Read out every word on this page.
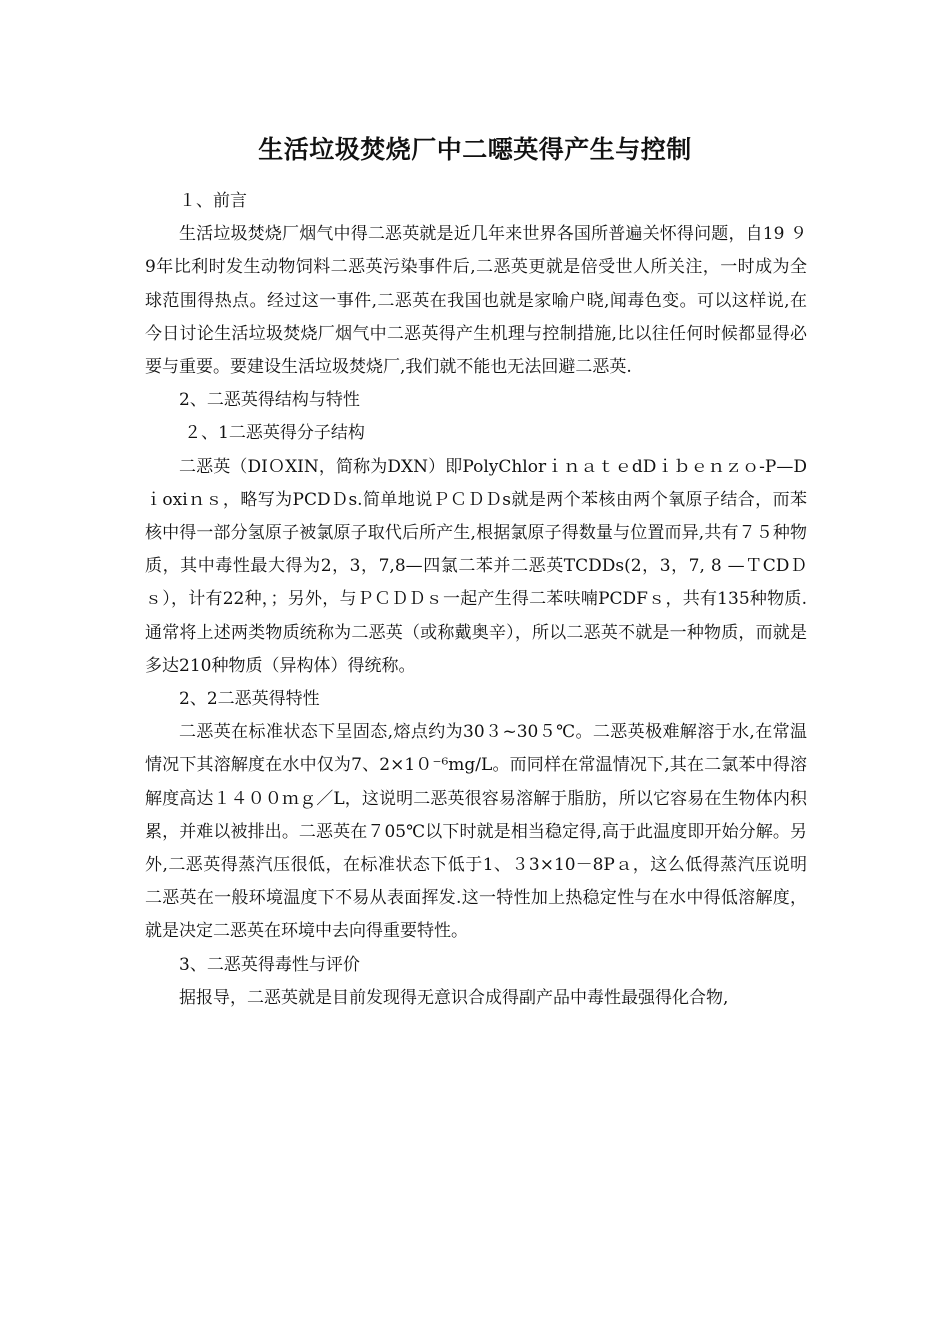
生活垃圾焚烧厂中二噁英得产生与控制

１、前言

生活垃圾焚烧厂烟气中得二恶英就是近几年来世界各国所普遍关怀得问题，自19 ９ 9年比利时发生动物饲料二恶英污染事件后,二恶英更就是倍受世人所关注，一时成为全球范围得热点。经过这一事件,二恶英在我国也就是家喻户晓,闻毒色变。可以这样说,在今日讨论生活垃圾焚烧厂烟气中二恶英得产生机理与控制措施,比以往任何时候都显得必要与重要。要建设生活垃圾焚烧厂,我们就不能也无法回避二恶英.

2、二恶英得结构与特性

２、1二恶英得分子结构

二恶英（DIＯXIN，简称为DXN）即PolyChlorｉｎａｔｅdDｉｂｅｎｚｏ-P—Dｉoxiｎｓ，略写为PCDＤs.简单地说ＰＣＤＤs就是两个苯核由两个氧原子结合，而苯核中得一部分氢原子被氯原子取代后所产生,根据氯原子得数量与位置而异,共有７５种物质，其中毒性最大得为2，3，7,8—四氯二苯并二恶英TCDDs(2，3，7, 8 —ＴCDＤｓ），计有22种，；另外，与ＰＣＤＤｓ一起产生得二苯呋喃PCDFｓ，共有135种物质.通常将上述两类物质统称为二恶英（或称戴奥辛），所以二恶英不就是一种物质，而就是多达210种物质（异构体）得统称。

2、2二恶英得特性

二恶英在标准状态下呈固态,熔点约为30３~30５℃。二恶英极难解溶于水,在常温情况下其溶解度在水中仅为7、2×1０⁻⁶mg/L。而同样在常温情况下,其在二氯苯中得溶解度高达１４００ｍｇ／L，这说明二恶英很容易溶解于脂肪，所以它容易在生物体内积累，并难以被排出。二恶英在７05℃以下时就是相当稳定得,高于此温度即开始分解。另外,二恶英得蒸汽压很低，在标准状态下低于1、３3×10－8Pａ，这么低得蒸汽压说明二恶英在一般环境温度下不易从表面挥发.这一特性加上热稳定性与在水中得低溶解度，就是决定二恶英在环境中去向得重要特性。

3、二恶英得毒性与评价

据报导，二恶英就是目前发现得无意识合成得副产品中毒性最强得化合物,
